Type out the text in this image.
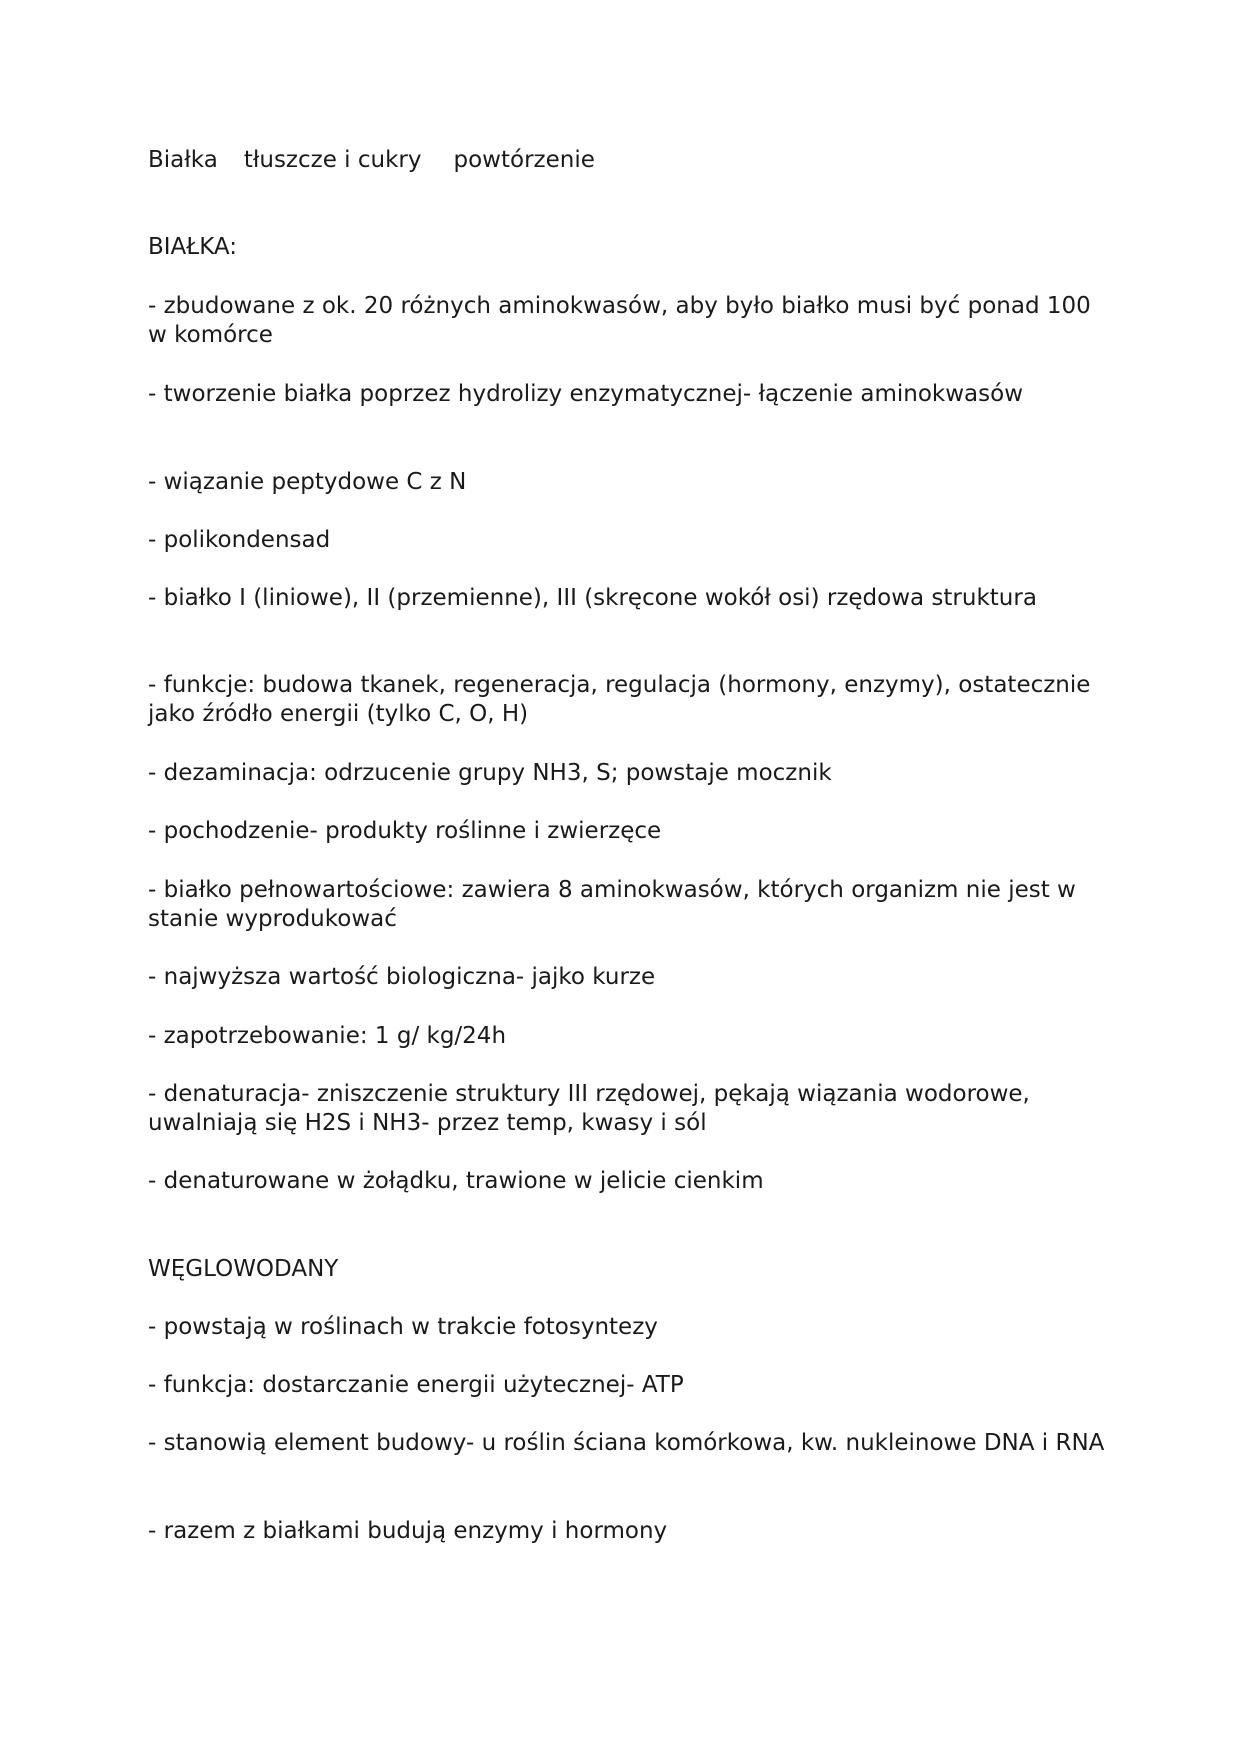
Białka tłuszcze i cukry powtórzenie

BIAŁKA:

- zbudowane z ok. 20 różnych aminokwasów, aby było białko musi być ponad 100 w komórce

- tworzenie białka poprzez hydrolizy enzymatycznej- łączenie aminokwasów

- wiązanie peptydowe C z N

- polikondensad

- białko I (liniowe), II (przemienne), III (skręcone wokół osi) rzędowa struktura

- funkcje: budowa tkanek, regeneracja, regulacja (hormony, enzymy), ostatecznie jako źródło energii (tylko C, O, H)

- dezaminacja: odrzucenie grupy NH3, S; powstaje mocznik

- pochodzenie- produkty roślinne i zwierzęce

- białko pełnowartościowe: zawiera 8 aminokwasów, których organizm nie jest w stanie wyprodukować

- najwyższa wartość biologiczna- jajko kurze

- zapotrzebowanie: 1 g/ kg/24h

- denaturacja- zniszczenie struktury III rzędowej, pękają wiązania wodorowe, uwalniają się H2S i NH3- przez temp, kwasy i sól

- denaturowane w żołądku, trawione w jelicie cienkim

WĘGLOWODANY

- powstają w roślinach w trakcie fotosyntezy

- funkcja: dostarczanie energii użytecznej- ATP

- stanowią element budowy- u roślin ściana komórkowa, kw. nukleinowe DNA i RNA

- razem z białkami budują enzymy i hormony
